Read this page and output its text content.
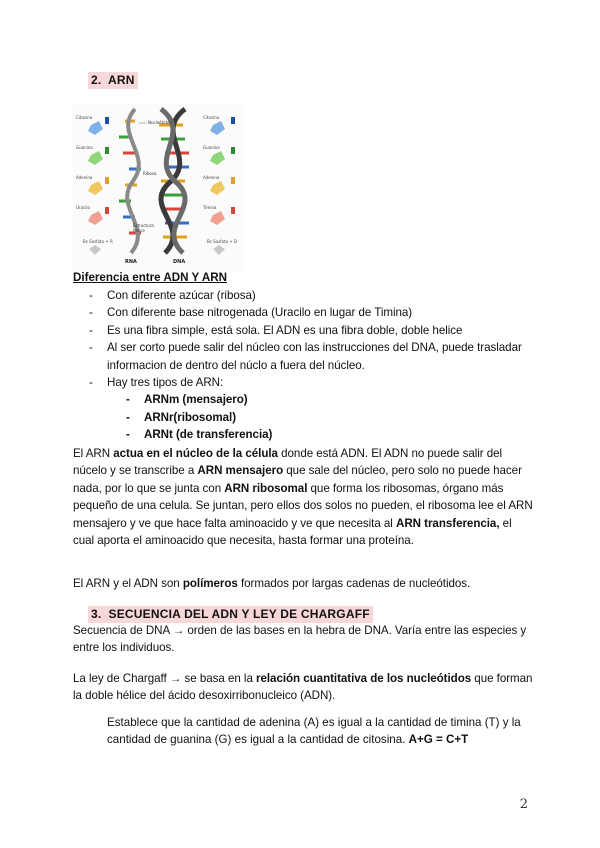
2. ARN
Citosina
Guanina
Adenina
Uracilo
Bs Sosfato + R
Citosina
Guanina
Adenina
Timina
Bs Sosfato + D
Nucleótidos
Ribosa
Estructura
helice
RNA	DNA
Diferencia entre ADN Y ARN
- Con diferente azúcar (ribosa)
- Con diferente base nitrogenada (Uracilo en lugar de Timina)
- Es una fibra simple, está sola. El ADN es una fibra doble, doble helice
- Al ser corto puede salir del núcleo con las instrucciones del DNA, puede trasladar informacion de dentro del núclo a fuera del núcleo.
- Hay tres tipos de ARN:
- ARNm (mensajero)
- ARNr(ribosomal)
- ARNt (de transferencia)

El ARN actua en el núcleo de la célula donde está ADN. El ADN no puede salir del núcelo y se transcribe a ARN mensajero que sale del núcleo, pero solo no puede hacer nada, por lo que se junta con ARN ribosomal que forma los ribosomas, órgano más pequeño de una celula. Se juntan, pero ellos dos solos no pueden, el ribosoma lee el ARN mensajero y ve que hace falta aminoacido y ve que necesita al ARN transferencia, el cual aporta el aminoacido que necesita, hasta formar una proteína.

El ARN y el ADN son polímeros formados por largas cadenas de nucleótidos.

3. SECUENCIA DEL ADN Y LEY DE CHARGAFF

Secuencia de DNA → orden de las bases en la hebra de DNA. Varía entre las especies y entre los individuos.

La ley de Chargaff → se basa en la relación cuantitativa de los nucleótidos que forman la doble hélice del ácido desoxirribonucleico (ADN).

Establece que la cantidad de adenina (A) es igual a la cantidad de timina (T) y la cantidad de guanina (G) es igual a la cantidad de citosina. A+G = C+T

2
